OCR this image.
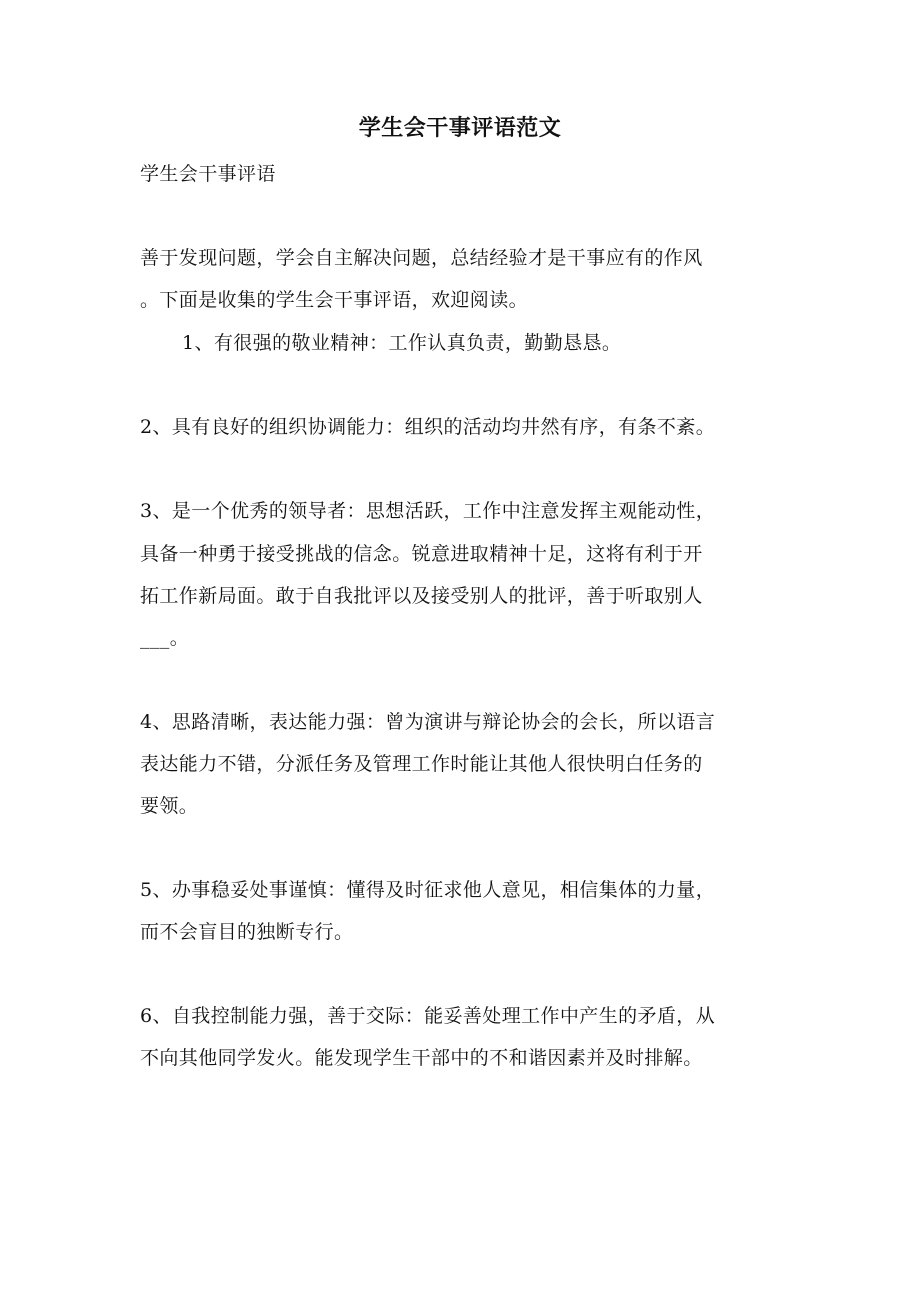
学生会干事评语范文
学生会干事评语
善于发现问题，学会自主解决问题，总结经验才是干事应有的作风
。下面是收集的学生会干事评语，欢迎阅读。
1、有很强的敬业精神：工作认真负责，勤勤恳恳。
2、具有良好的组织协调能力：组织的活动均井然有序，有条不紊。
3、是一个优秀的领导者：思想活跃，工作中注意发挥主观能动性，
具备一种勇于接受挑战的信念。锐意进取精神十足，这将有利于开
拓工作新局面。敢于自我批评以及接受别人的批评，善于听取别人
___。
4、思路清晰，表达能力强：曾为演讲与辩论协会的会长，所以语言
表达能力不错，分派任务及管理工作时能让其他人很快明白任务的
要领。
5、办事稳妥处事谨慎：懂得及时征求他人意见，相信集体的力量，
而不会盲目的独断专行。
6、自我控制能力强，善于交际：能妥善处理工作中产生的矛盾，从
不向其他同学发火。能发现学生干部中的不和谐因素并及时排解。
